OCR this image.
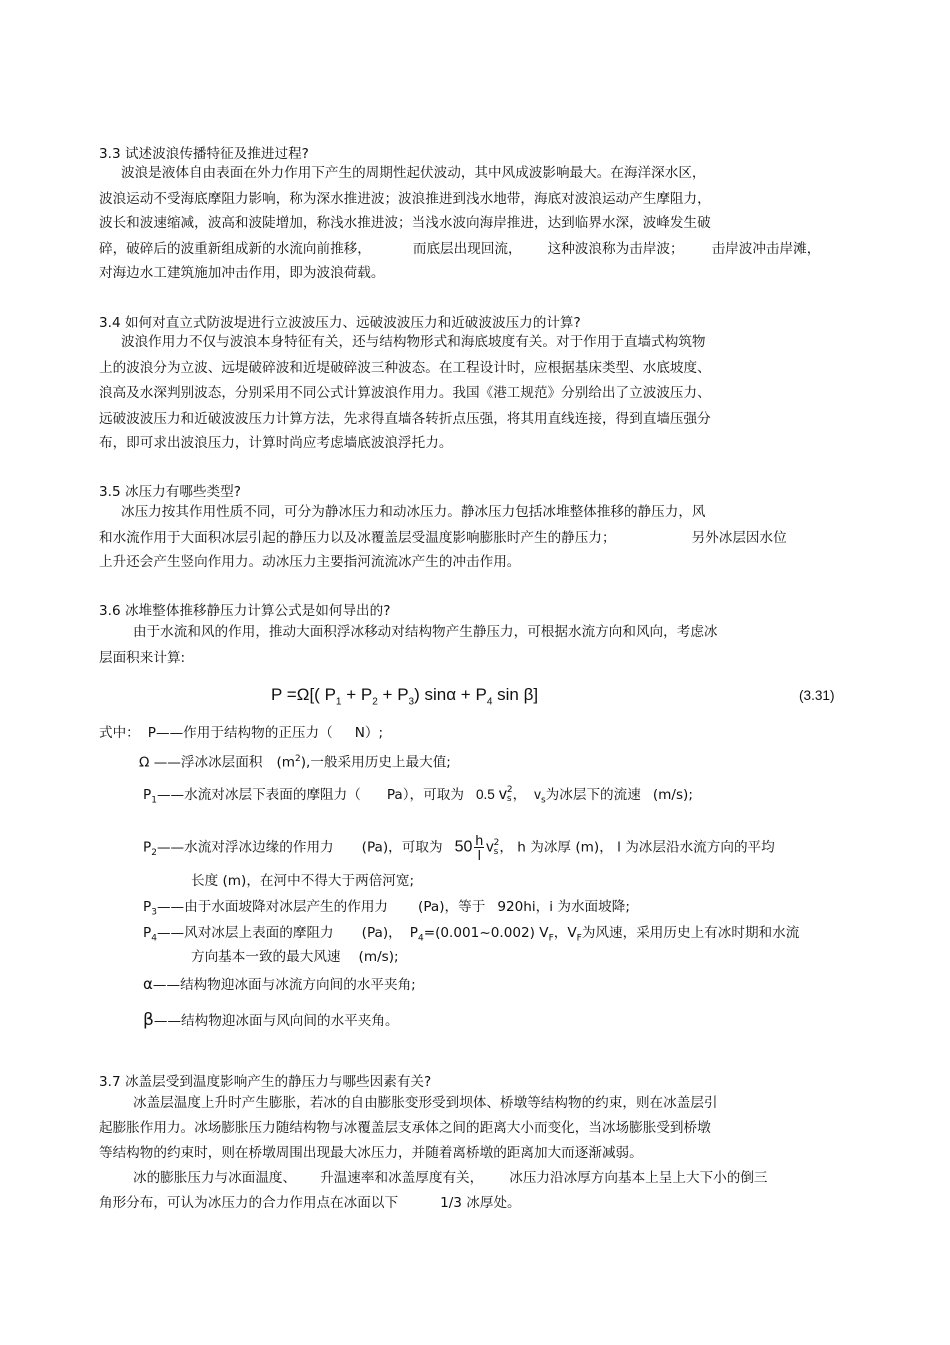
3.3 试述波浪传播特征及推进过程?
波浪是液体自由表面在外力作用下产生的周期性起伏波动，其中风成波影响最大。在海洋深水区，
波浪运动不受海底摩阻力影响，称为深水推进波；波浪推进到浅水地带，海底对波浪运动产生摩阻力，
波长和波速缩减，波高和波陡增加，称浅水推进波；当浅水波向海岸推进，达到临界水深，波峰发生破
碎，破碎后的波重新组成新的水流向前推移，	而底层出现回流， 这种波浪称为击岸波； 击岸波冲击岸滩，
对海边水工建筑施加冲击作用，即为波浪荷载。
3.4 如何对直立式防波堤进行立波波压力、远破波波压力和近破波波压力的计算?
波浪作用力不仅与波浪本身特征有关，还与结构物形式和海底坡度有关。对于作用于直墙式构筑物
上的波浪分为立波、远堤破碎波和近堤破碎波三种波态。在工程设计时，应根据基床类型、水底坡度、
浪高及水深判别波态，分别采用不同公式计算波浪作用力。我国《港工规范》分别给出了立波波压力、
远破波波压力和近破波波压力计算方法，先求得直墙各转折点压强，将其用直线连接，得到直墙压强分
布，即可求出波浪压力，计算时尚应考虑墙底波浪浮托力。
3.5 冰压力有哪些类型?
冰压力按其作用性质不同，可分为静冰压力和动冰压力。静冰压力包括冰堆整体推移的静压力，风
和水流作用于大面积冰层引起的静压力以及冰覆盖层受温度影响膨胀时产生的静压力；	另外冰层因水位
上升还会产生竖向作用力。动冰压力主要指河流流冰产生的冲击作用。
3.6 冰堆整体推移静压力计算公式是如何导出的?
由于水流和风的作用，推动大面积浮冰移动对结构物产生静压力，可根据水流方向和风向，考虑冰
层面积来计算:
P =Ω[( $P_1 + P_2 + P_3$) $\sin\alpha + P_4$ sin β]	(3.31)
式中： P——作用于结构物的正压力（ N）;
Ω ——浮冰冰层面积 $(m^2)$,一般采用历史上最大值;
$P_1——$水流对冰层下表面的摩阻力（ Pa），可取为 0.5 v 2
s ， $v_s$为冰层下的流速 (m/s);
$P_2——$水流对浮冰边缘的作用力 (Pa)，可取为 $50 \frac{h}{l}$ v 2
s ， h 为冰厚 (m)， l 为冰层沿水流方向的平均
长度 (m)，在河中不得大于两倍河宽;
$P_3——$由于水面坡降对冰层产生的作用力 (Pa)，等于 920hi，i 为水面坡降;
$P_4——$风对冰层上表面的摩阻力 (Pa)， $P_4=(0.001\sim 0.002)$ $V_F$，$V_F$为风速，采用历史上有冰时期和水流
方向基本一致的最大风速 (m/s);
α——结构物迎冰面与冰流方向间的水平夹角;
β——结构物迎冰面与风向间的水平夹角。
3.7 冰盖层受到温度影响产生的静压力与哪些因素有关?
冰盖层温度上升时产生膨胀，若冰的自由膨胀变形受到坝体、桥墩等结构物的约束，则在冰盖层引
起膨胀作用力。冰场膨胀压力随结构物与冰覆盖层支承体之间的距离大小而变化，当冰场膨胀受到桥墩
等结构物的约束时，则在桥墩周围出现最大冰压力，并随着离桥墩的距离加大而逐渐减弱。
冰的膨胀压力与冰面温度、 升温速率和冰盖厚度有关， 冰压力沿冰厚方向基本上呈上大下小的倒三
角形分布，可认为冰压力的合力作用点在冰面以下	1/3 冰厚处。
